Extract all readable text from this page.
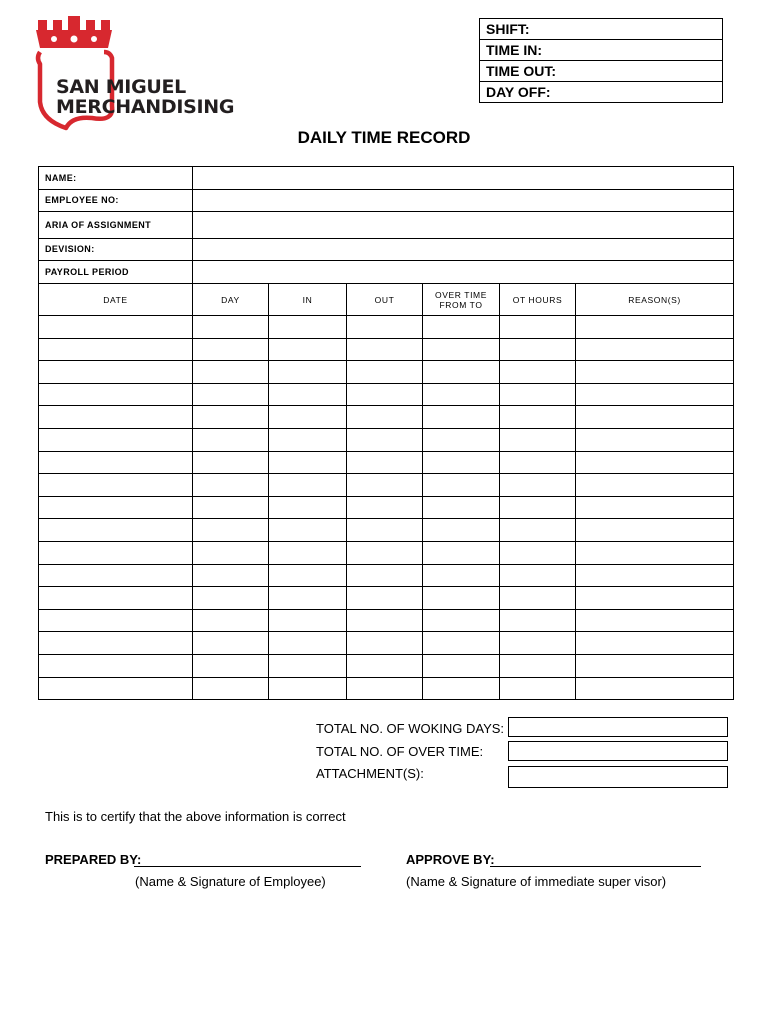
SAN MIGUEL
MERCHANDISING
SHIFT:
TIME IN:
TIME OUT:
DAY OFF:
DAILY TIME RECORD
NAME:						
EMPLOYEE NO:						
ARIA OF ASSIGNMENT						
DEVISION:						
PAYROLL PERIOD						
DATE	DAY	IN	OUT	OVER TIME FROM TO	OT HOURS	REASON(S)

TOTAL NO. OF WOKING DAYS:
TOTAL NO. OF OVER TIME:
ATTACHMENT(S):
This is to certify that the above information is correct
PREPARED BY:
(Name & Signature of Employee)
APPROVE BY:
(Name & Signature of immediate super visor)
